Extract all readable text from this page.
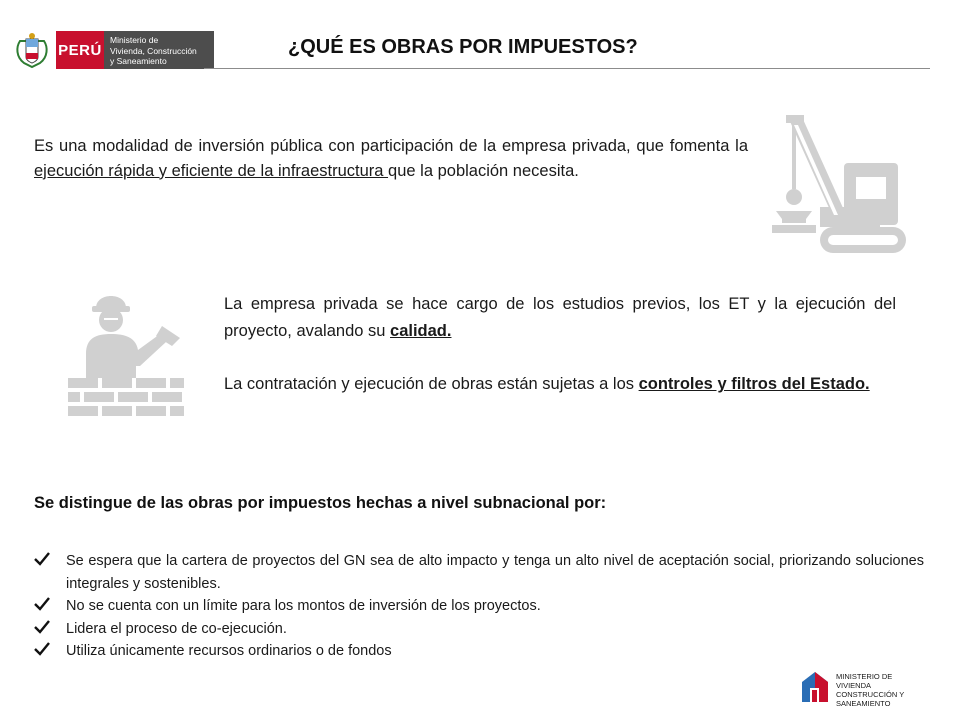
PERÚ
Ministerio de
Vivienda, Construcción
y Saneamiento
¿QUÉ ES OBRAS POR IMPUESTOS?
Es una modalidad de inversión pública con participación de la empresa privada, que fomenta la ejecución rápida y eficiente de la infraestructura que la población necesita.

La empresa privada se hace cargo de los estudios previos, los ET y la ejecución del proyecto, avalando su calidad.

La contratación y ejecución de obras están sujetas a los controles y filtros del Estado.

Se distingue de las obras por impuestos hechas a nivel subnacional por:
Se espera que la cartera de proyectos del GN sea de alto impacto y tenga un alto nivel de aceptación social, priorizando soluciones integrales y sostenibles.
No se cuenta con un límite para los montos de inversión de los proyectos.
Lidera el proceso de co-ejecución.
Utiliza únicamente recursos ordinarios o de fondos
MINISTERIO DE
VIVIENDA
CONSTRUCCIÓN Y
SANEAMIENTO
